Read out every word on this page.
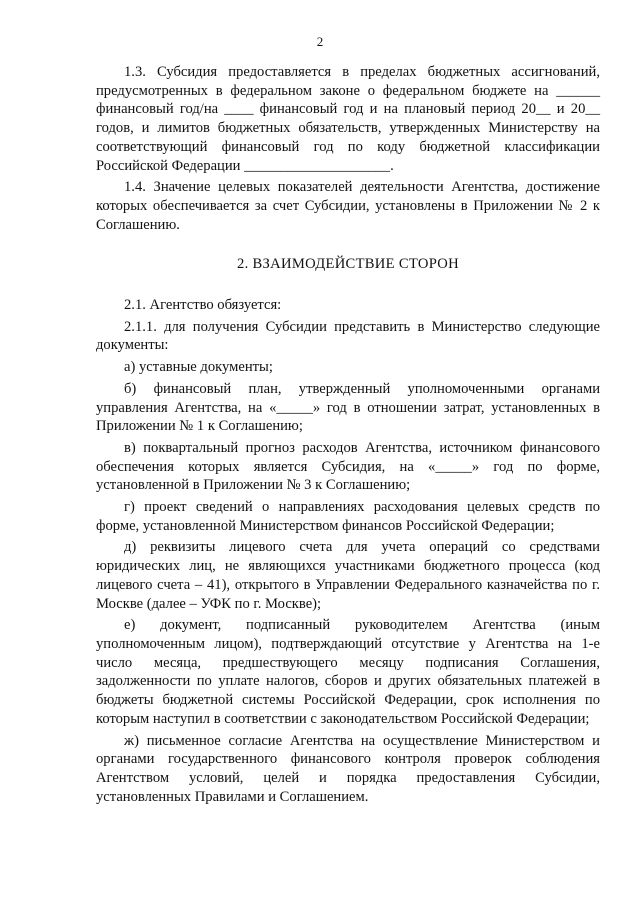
2

1.3. Субсидия предоставляется в пределах бюджетных ассигнований, предусмотренных в федеральном законе о федеральном бюджете на ______ финансовый год/на ____ финансовый год и на плановый период 20__ и 20__ годов, и лимитов бюджетных обязательств, утвержденных Министерству на соответствующий финансовый год по коду бюджетной классификации Российской Федерации ____________________.

1.4. Значение целевых показателей деятельности Агентства, достижение которых обеспечивается за счет Субсидии, установлены в Приложении № 2 к Соглашению.

2. ВЗАИМОДЕЙСТВИЕ СТОРОН

2.1. Агентство обязуется:

2.1.1. для получения Субсидии представить в Министерство следующие документы:

а) уставные документы;

б) финансовый план, утвержденный уполномоченными органами управления Агентства, на «_____» год в отношении затрат, установленных в Приложении № 1 к Соглашению;

в) поквартальный прогноз расходов Агентства, источником финансового обеспечения которых является Субсидия, на «_____» год по форме, установленной в Приложении № 3 к Соглашению;

г) проект сведений о направлениях расходования целевых средств по форме, установленной Министерством финансов Российской Федерации;

д) реквизиты лицевого счета для учета операций со средствами юридических лиц, не являющихся участниками бюджетного процесса (код лицевого счета – 41), открытого в Управлении Федерального казначейства по г. Москве (далее – УФК по г. Москве);

е) документ, подписанный руководителем Агентства (иным уполномоченным лицом), подтверждающий отсутствие у Агентства на 1-е число месяца, предшествующего месяцу подписания Соглашения, задолженности по уплате налогов, сборов и других обязательных платежей в бюджеты бюджетной системы Российской Федерации, срок исполнения по которым наступил в соответствии с законодательством Российской Федерации;

ж) письменное согласие Агентства на осуществление Министерством и органами государственного финансового контроля проверок соблюдения Агентством условий, целей и порядка предоставления Субсидии, установленных Правилами и Соглашением.
